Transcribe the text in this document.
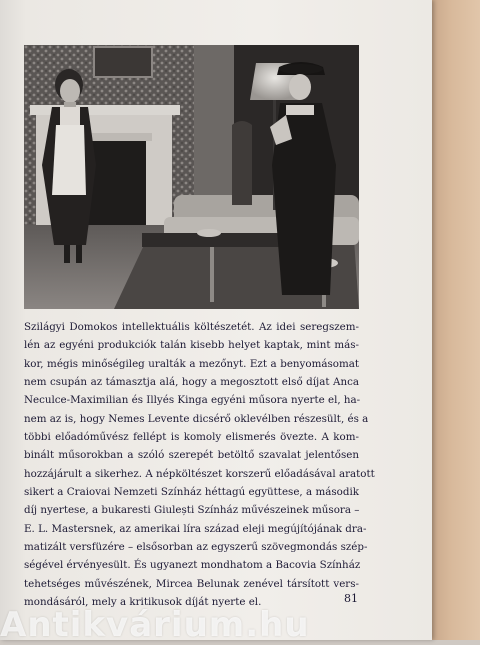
Szilágyi Domokos intellektuális költészetét. Az idei seregszem-
lén az egyéni produkciók talán kisebb helyet kaptak, mint más-
kor, mégis minőségileg uralták a mezőnyt. Ezt a benyomásomat
nem csupán az támasztja alá, hogy a megosztott első díjat Anca
Neculce-Maximilian és Illyés Kinga egyéni műsora nyerte el, ha-
nem az is, hogy Nemes Levente dicsérő oklevélben részesült, és a
többi előadóművész fellépt is komoly elismerés övezte. A kom-
binált műsorokban a szóló szerepét betöltő szavalat jelentősen
hozzájárult a sikerhez. A népköltészet korszerű előadásával aratott
sikert a Craiovai Nemzeti Színház héttagú együttese, a második
díj nyertese, a bukaresti Giulești Színház művészeinek műsora –
E. L. Mastersnek, az amerikai líra század eleji megújítójának dra-
matizált versfüzére – elsősorban az egyszerű szövegmondás szép-
ségével érvényesült. És ugyanezt mondhatom a Bacovia Színház
tehetséges művészének, Mircea Belunak zenével társított vers-
mondásáról, mely a kritikusok díját nyerte el.	81
Antikvárium.hu
